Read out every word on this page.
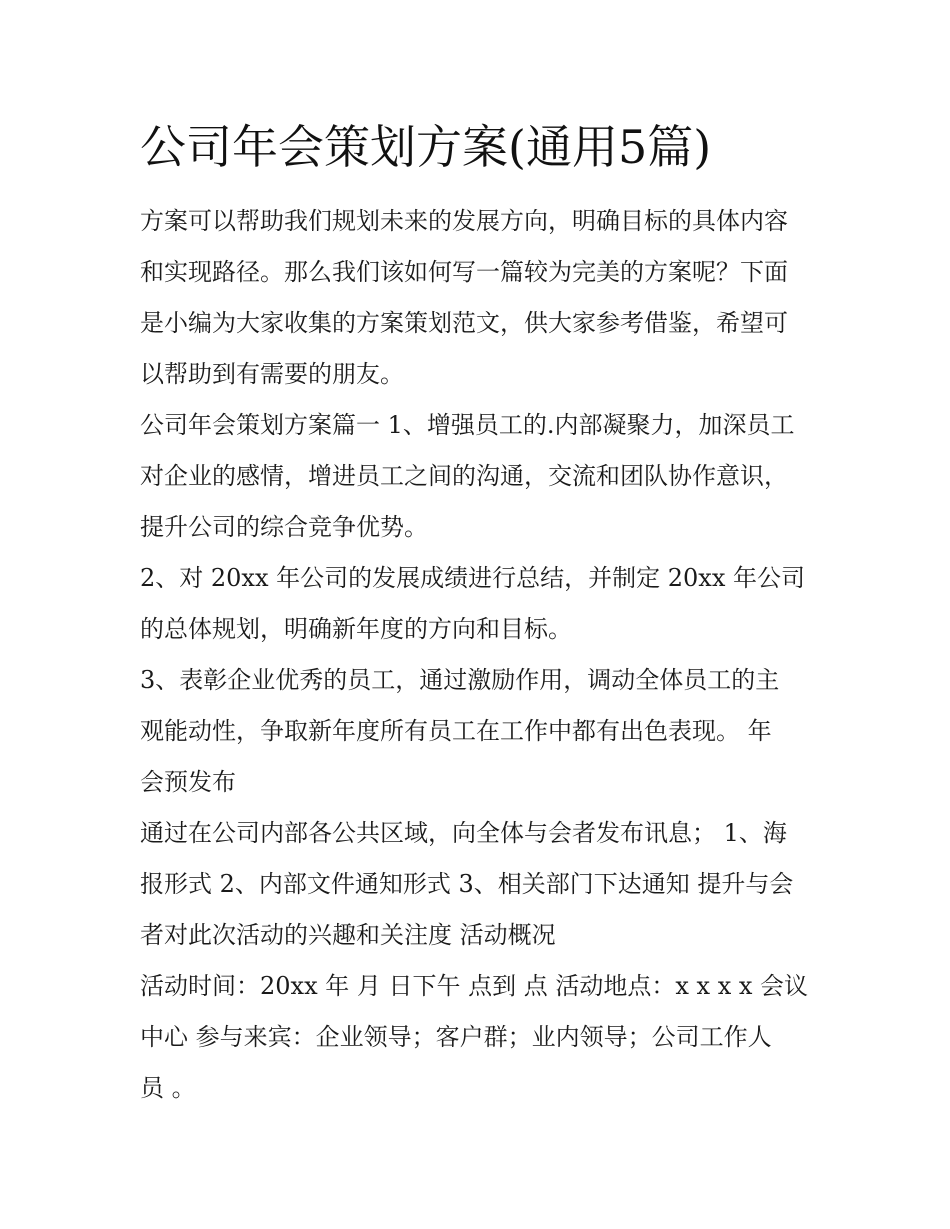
公司年会策划方案(通用5篇)

方案可以帮助我们规划未来的发展方向，明确目标的具体内容
和实现路径。那么我们该如何写一篇较为完美的方案呢？下面
是小编为大家收集的方案策划范文，供大家参考借鉴，希望可
以帮助到有需要的朋友。

公司年会策划方案篇一 1、增强员工的.内部凝聚力，加深员工
对企业的感情，增进员工之间的沟通，交流和团队协作意识，
提升公司的综合竞争优势。

2、对 20xx 年公司的发展成绩进行总结，并制定 20xx 年公司
的总体规划，明确新年度的方向和目标。

3、表彰企业优秀的员工，通过激励作用，调动全体员工的主
观能动性，争取新年度所有员工在工作中都有出色表现。 年
会预发布

通过在公司内部各公共区域，向全体与会者发布讯息； 1、海
报形式 2、内部文件通知形式 3、相关部门下达通知 提升与会
者对此次活动的兴趣和关注度 活动概况

活动时间：20xx 年 月 日下午 点到 点 活动地点：x x x x 会议
中心 参与来宾：企业领导；客户群；业内领导；公司工作人
员 。
